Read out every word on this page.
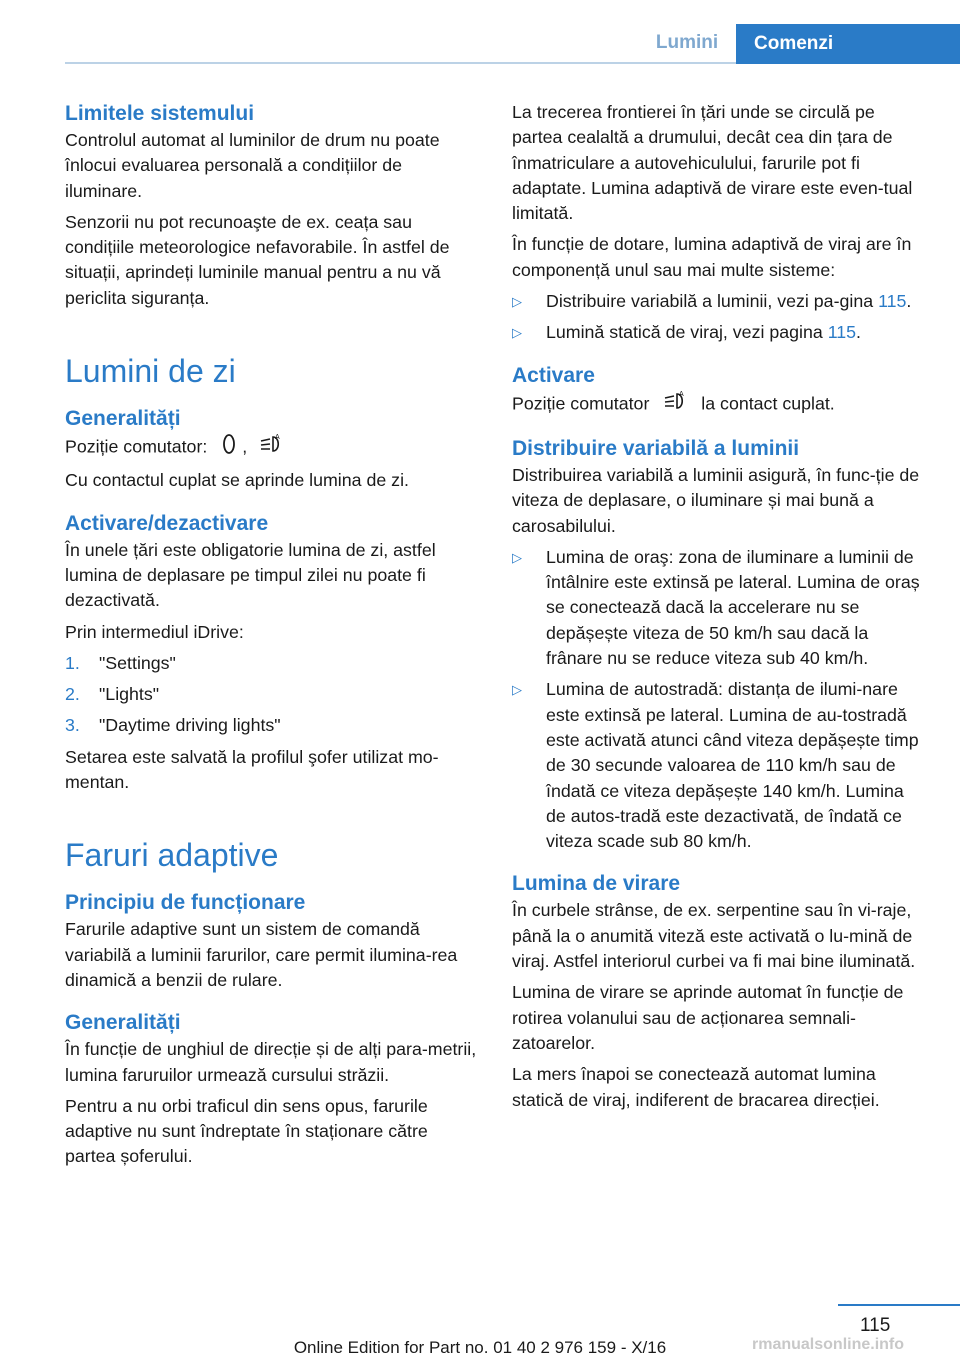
Lumini	Comenzi
Limitele sistemului

Controlul automat al luminilor de drum nu poate înlocui evaluarea personală a condițiilor de iluminare.

Senzorii nu pot recunoaşte de ex. ceața sau condițiile meteorologice nefavorabile. În astfel de situații, aprindeți luminile manual pentru a nu vă periclita siguranța.

Lumini de zi
Generalități

Poziție comutator: ,	A

Cu contactul cuplat se aprinde lumina de zi.

Activare/dezactivare

În unele țări este obligatorie lumina de zi, astfel lumina de deplasare pe timpul zilei nu poate fi dezactivată.

Prin intermediul iDrive:

1.	"Settings"
2.	"Lights"
3.	"Daytime driving lights"

Setarea este salvată la profilul şofer utilizat mo‐mentan.

Faruri adaptive
Principiu de funcționare

Farurile adaptive sunt un sistem de comandă variabilă a luminii farurilor, care permit ilumina‐rea dinamică a benzii de rulare.

Generalități

În funcție de unghiul de direcție și de alți para‐metrii, lumina faruruilor urmează cursului străzii.

Pentru a nu orbi traficul din sens opus, farurile adaptive nu sunt îndreptate în staționare către partea șoferului.

La trecerea frontierei în țări unde se circulă pe partea cealaltă a drumului, decât cea din țara de înmatriculare a autovehiculului, farurile pot fi adaptate. Lumina adaptivă de virare este even‐tual limitată.

În funcție de dotare, lumina adaptivă de viraj are în componență unul sau mai multe sisteme:

▷	Distribuire variabilă a luminii, vezi pa‐gina 115.
▷	Lumină statică de viraj, vezi pagina 115.
Activare

Poziție comutator	A la contact cuplat.

Distribuire variabilă a luminii

Distribuirea variabilă a luminii asigură, în func‐ție de viteza de deplasare, o iluminare și mai bună a carosabilului.

▷	Lumina de oraş: zona de iluminare a luminii de întâlnire este extinsă pe lateral. Lumina de oraș se conectează dacă la accelerare nu se depășește viteza de 50 km/h sau dacă la frânare nu se reduce viteza sub 40 km/h.
▷	Lumina de autostradă: distanța de ilumi‐nare este extinsă pe lateral. Lumina de au‐tostradă este activată atunci când viteza depășește timp de 30 secunde valoarea de 110 km/h sau de îndată ce viteza depășește 140 km/h. Lumina de autos‐tradă este dezactivată, de îndată ce viteza scade sub 80 km/h.
Lumina de virare

În curbele strânse, de ex. serpentine sau în vi‐raje, până la o anumită viteză este activată o lu‐mină de viraj. Astfel interiorul curbei va fi mai bine iluminată.

Lumina de virare se aprinde automat în funcție de rotirea volanului sau de acționarea semnali‐zatoarelor.

La mers înapoi se conectează automat lumina statică de viraj, indiferent de bracarea direcției.

115
Online Edition for Part no. 01 40 2 976 159 - X/16	rmanualsonline.info
